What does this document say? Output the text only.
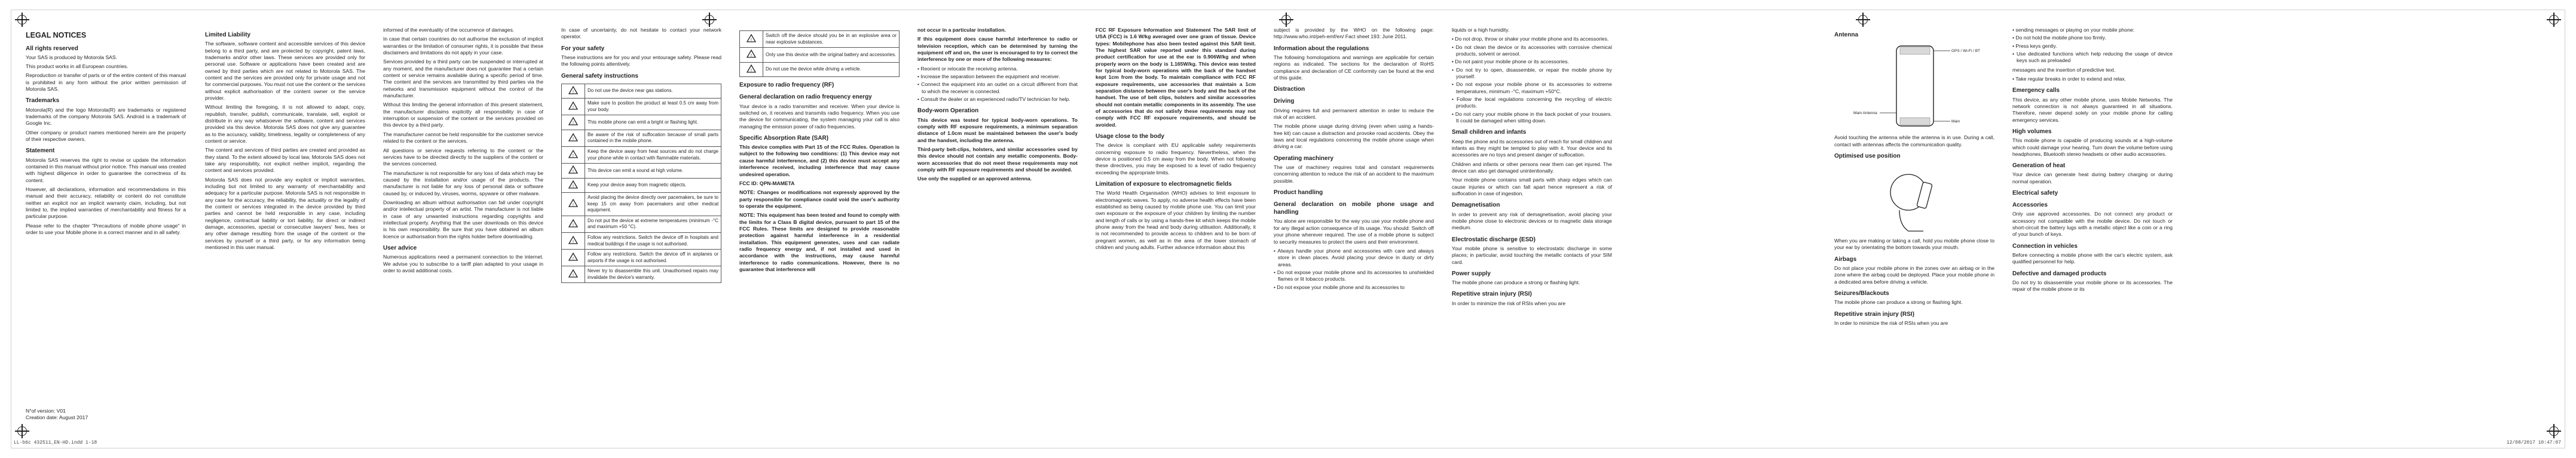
LEGAL NOTICES
All rights reserved

Your SAS is produced by Motorola SAS.

This product works in all European countries.

Reproduction or transfer of parts or of the entire content of this manual is prohibited in any form without the prior written permission of Motorola SAS.

Trademarks

Motorola(R) and the logo Motorola(R) are trademarks or registered trademarks of the company Motorola SAS. Android is a trademark of Google Inc.

Other company or product names mentioned herein are the property of their respective owners.

Statement

Motorola SAS reserves the right to revise or update the information contained in this manual without prior notice. This manual was created with highest diligence in order to guarantee the correctness of its content.

However, all declarations, information and recommendations in this manual and their accuracy, reliability or content do not constitute neither an explicit nor an implicit warranty claim, including, but not limited to, the implied warranties of merchantability and fitness for a particular purpose.

Please refer to the chapter "Precautions of mobile phone usage" in order to use your Mobile phone in a correct manner and in all safety.

N°of version: V01
Creation date: August 2017
Limited Liability

The software, software content and accessible services of this device belong to a third party, and are protected by copyright, patent laws, trademarks and/or other laws. These services are provided only for personal use. Software or applications have been created and are owned by third parties which are not related to Motorola SAS. The content and the services are provided only for private usage and not for commercial purposes. You must not use the content or the services without explicit authorisation of the content owner or the service provider.

Without limiting the foregoing, it is not allowed to adapt, copy, republish, transfer, publish, communicate, translate, sell, exploit or distribute in any way whatsoever the software, content and services provided via this device. Motorola SAS does not give any guarantee as to the accuracy, validity, timeliness, legality or completeness of any content or service.

The content and services of third parties are created and provided as they stand. To the extent allowed by local law, Motorola SAS does not take any responsibility, not explicit neither implicit, regarding the content and services provided.

Motorola SAS does not provide any explicit or implicit warranties, including but not limited to any warranty of merchantability and adequacy for a particular purpose. Motorola SAS is not responsible in any case for the accuracy, the reliability, the actuality or the legality of the content or services integrated in the device provided by third parties and cannot be held responsible in any case, including negligence, contractual liability or tort liability, for direct or indirect damage, accessories, special or consecutive lawyers' fees, fees or any other damage resulting from the usage of the content or the services by yourself or a third party, or for any information being mentioned in this user manual.

informed of the eventuality of the occurrence of damages.

In case that certain countries do not authorise the exclusion of implicit warranties or the limitation of consumer rights, it is possible that these disclaimers and limitations do not apply in your case.

Services provided by a third party can be suspended or interrupted at any moment, and the manufacturer does not guarantee that a certain content or service remains available during a specific period of time. The content and the services are transmitted by third parties via the networks and transmission equipment without the control of the manufacturer.

Without this limiting the general information of this present statement, the manufacturer disclaims explicitly all responsibility in case of interruption or suspension of the content or the services provided on this device by a third party.

The manufacturer cannot be held responsible for the customer service related to the content or the services.

All questions or service requests referring to the content or the services have to be directed directly to the suppliers of the content or the services concerned.

The manufacturer is not responsible for any loss of data which may be caused by the installation and/or usage of the products. The manufacturer is not liable for any loss of personal data or software caused by, or induced by, viruses, worms, spyware or other malware.

Downloading an album without authorisation can fall under copyright and/or intellectual property of an artist. The manufacturer is not liable in case of any unwanted instructions regarding copyrights and intellectual property. Anything that the user downloads on this device is his own responsibility. Be sure that you have obtained an album licence or authorisation from the rights holder before downloading.

User advice

Numerous applications need a permanent connection to the internet. We advise you to subscribe to a tariff plan adapted to your usage in order to avoid additional costs.

In case of uncertainty, do not hesitate to contact your network operator.

For your safety

These instructions are for you and your entourage safety. Please read the following points attentively.

General safety instructions
!	Do not use the device near gas stations.

!	Make sure to position the product at least 0.5 cm away from your body.

!	This mobile phone can emit a bright or flashing light.

!	Be aware of the risk of suffocation because of small parts contained in the mobile phone.

!	Keep the device away from heat sources and do not charge your phone while in contact with flammable materials.

!	This device can emit a sound at high volume.

!	Keep your device away from magnetic objects.

!	Avoid placing the device directly over pacemakers, be sure to keep 15 cm away from pacemakers and other medical equipment.

!	Do not put the device at extreme temperatures (minimum -°C and maximum +50 °C).

!	Follow any restrictions. Switch the device off in hospitals and medical buildings if the usage is not authorised.

!	Follow any restrictions. Switch the device off in airplanes or airports if the usage is not authorised.

!	Never try to disassemble this unit. Unauthorised repairs may invalidate the device's warranty.
!	Switch off the device should you be in an explosive area or near explosive substances.

!	Only use this device with the original battery and accessories.

!	Do not use the device while driving a vehicle.
Exposure to radio frequency (RF)
General declaration on radio frequency energy

Your device is a radio transmitter and receiver. When your device is switched on, it receives and transmits radio frequency. When you use the device for communicating, the system managing your call is also managing the emission power of radio frequencies.

Specific Absorption Rate (SAR)

This device complies with Part 15 of the FCC Rules. Operation is subject to the following two conditions: (1) This device may not cause harmful interference, and (2) this device must accept any interference received, including interference that may cause undesired operation.

FCC ID: QPN-MAMETA

NOTE: Changes or modifications not expressly approved by the party responsible for compliance could void the user's authority to operate the equipment.

NOTE: This equipment has been tested and found to comply with the limits for a Class B digital device, pursuant to part 15 of the FCC Rules. These limits are designed to provide reasonable protection against harmful interference in a residential installation. This equipment generates, uses and can radiate radio frequency energy and, if not installed and used in accordance with the instructions, may cause harmful interference to radio communications. However, there is no guarantee that interference will

not occur in a particular installation.

If this equipment does cause harmful interference to radio or television reception, which can be determined by turning the equipment off and on, the user is encouraged to try to correct the interference by one or more of the following measures:

• Reorient or relocate the receiving antenna.
• Increase the separation between the equipment and receiver.
• Connect the equipment into an outlet on a circuit different from that to which the receiver is connected.
• Consult the dealer or an experienced radio/TV technician for help.
Body-worn Operation

This device was tested for typical body-worn operations. To comply with RF exposure requirements, a minimum separation distance of 1.0cm must be maintained between the user's body and the handset, including the antenna.

Third-party belt-clips, holsters, and similar accessories used by this device should not contain any metallic components. Body-worn accessories that do not meet these requirements may not comply with RF exposure requirements and should be avoided.

Use only the supplied or an approved antenna.

FCC RF Exposure Information and Statement The SAR limit of USA (FCC) is 1.6 W/kg averaged over one gram of tissue. Device types: Mobilephone has also been tested against this SAR limit. The highest SAR value reported under this standard during product certification for use at the ear is 0.906W/kg and when properly worn on the body is 1.165W/kg. This device was tested for typical body-worn operations with the back of the handset kept 1cm from the body. To maintain compliance with FCC RF exposure requirements, use accessories that maintain a 1cm separation distance between the user's body and the back of the handset. The use of belt clips, holsters and similar accessories should not contain metallic components in its assembly. The use of accessories that do not satisfy these requirements may not comply with FCC RF exposure requirements, and should be avoided.

Usage close to the body

The device is compliant with EU applicable safety requirements concerning exposure to radio frequency. Nevertheless, when the device is positioned 0.5 cm away from the body. When not following these directives, you may be exposed to a level of radio frequency exceeding the appropriate limits.

Limitation of exposure to electromagnetic fields

The World Health Organisation (WHO) advises to limit exposure to electromagnetic waves. To apply, no adverse health effects have been established as being caused by mobile phone use. You can limit your own exposure or the exposure of your children by limiting the number and length of calls or by using a hands-free kit which keeps the mobile phone away from the head and body during utilisation. Additionally, it is not recommended to provide access to children and to be born of pregnant women, as well as in the area of the lower stomach of children and young adults. Further advance information about this

subject is provided by the WHO on the following page: http://www.who.int/peh-emf/en/ Fact sheet 193: June 2011.

Information about the regulations

The following homologations and warnings are applicable for certain regions as indicated. The sections for the declaration of RoHS compliance and declaration of CE conformity can be found at the end of this guide.

Distraction
Driving

Driving requires full and permanent attention in order to reduce the risk of an accident.

The mobile phone usage during driving (even when using a hands-free kit) can cause a distraction and provoke road accidents. Obey the laws and local regulations concerning the mobile phone usage when driving a car.

Operating machinery

The use of machinery requires total and constant requirements concerning attention to reduce the risk of an accident to the maximum possible.

Product handling
General declaration on mobile phone usage and handling

You alone are responsible for the way you use your mobile phone and for any illegal action consequence of its usage. You should: Switch off your phone wherever required. The use of a mobile phone is subject to security measures to protect the users and their environment.

• Always handle your phone and accessories with care and always store in clean places. Avoid placing your device in dusty or dirty areas.
• Do not expose your mobile phone and its accessories to unshielded flames or lit tobacco products.
• Do not expose your mobile phone and its accessories to

liquids or a high humidity.

• Do not drop, throw or shake your mobile phone and its accessories.
• Do not clean the device or its accessories with corrosive chemical products, solvent or aerosol.
• Do not paint your mobile phone or its accessories.
• Do not try to open, disassemble, or repair the mobile phone by yourself.
• Do not expose your mobile phone or its accessories to extreme temperatures, minimum -°C, maximum +50°C.
• Follow the local regulations concerning the recycling of electric products.
• Do not carry your mobile phone in the back pocket of your trousers. It could be damaged when sitting down.
Small children and infants

Keep the phone and its accessories out of reach for small children and infants as they might be tempted to play with it. Your device and its accessories are no toys and present danger of suffocation.

Children and infants or other persons near them can get injured. The device can also get damaged unintentionally.

Your mobile phone contains small parts with sharp edges which can cause injuries or which can fall apart hence represent a risk of suffocation in case of ingestion.

Demagnetisation

In order to prevent any risk of demagnetisation, avoid placing your mobile phone close to electronic devices or to magnetic data storage medium.

Electrostatic discharge (ESD)

Your mobile phone is sensitive to electrostatic discharge in some places; in particular, avoid touching the metallic contacts of your SIM card.

Power supply

The mobile phone can produce a strong or flashing light.

Repetitive strain injury (RSI)

In order to minimize the risk of RSIs when you are

Antenna
GPS / Wi-Fi / BT
Main
Main Antenna

Avoid touching the antenna while the antenna is in use. During a call, contact with antennas affects the communication quality.

Optimised use position

When you are making or taking a call, hold you mobile phone close to your ear by orientating the bottom towards your mouth.

Airbags

Do not place your mobile phone in the zones over an airbag or in the zone where the airbag could be deployed. Place your mobile phone in a dedicated area before driving a vehicle.

Seizures/Blackouts

The mobile phone can produce a strong or flashing light.

Repetitive strain injury (RSI)

In order to minimize the risk of RSIs when you are

• sending messages or playing on your mobile phone:
• Do not hold the mobile phone too firmly.
• Press keys gently.
• Use dedicated functions which help reducing the usage of device keys such as preloaded

messages and the insertion of predictive text.

• Take regular breaks in order to extend and relax.
Emergency calls

This device, as any other mobile phone, uses Mobile Networks. The network connection is not always guaranteed in all situations. Therefore, never depend solely on your mobile phone for calling emergency services.

High volumes

This mobile phone is capable of producing sounds at a high-volume which could damage your hearing. Turn down the volume before using headphones, Bluetooth stereo headsets or other audio accessories.

Generation of heat

Your device can generate heat during battery charging or during normal operation.

Electrical safety
Accessories

Only use approved accessories. Do not connect any product or accessory not compatible with the mobile device. Do not touch or short-circuit the battery lugs with a metallic object like a coin or a ring of your bunch of keys.

Connection in vehicles

Before connecting a mobile phone with the car's electric system, ask qualified personnel for help.

Defective and damaged products

Do not try to disassemble your mobile phone or its accessories. The repair of the mobile phone or its

LL-b6c 432511_EN-HD.indd 1-18	12/08/2017 10:47:07
